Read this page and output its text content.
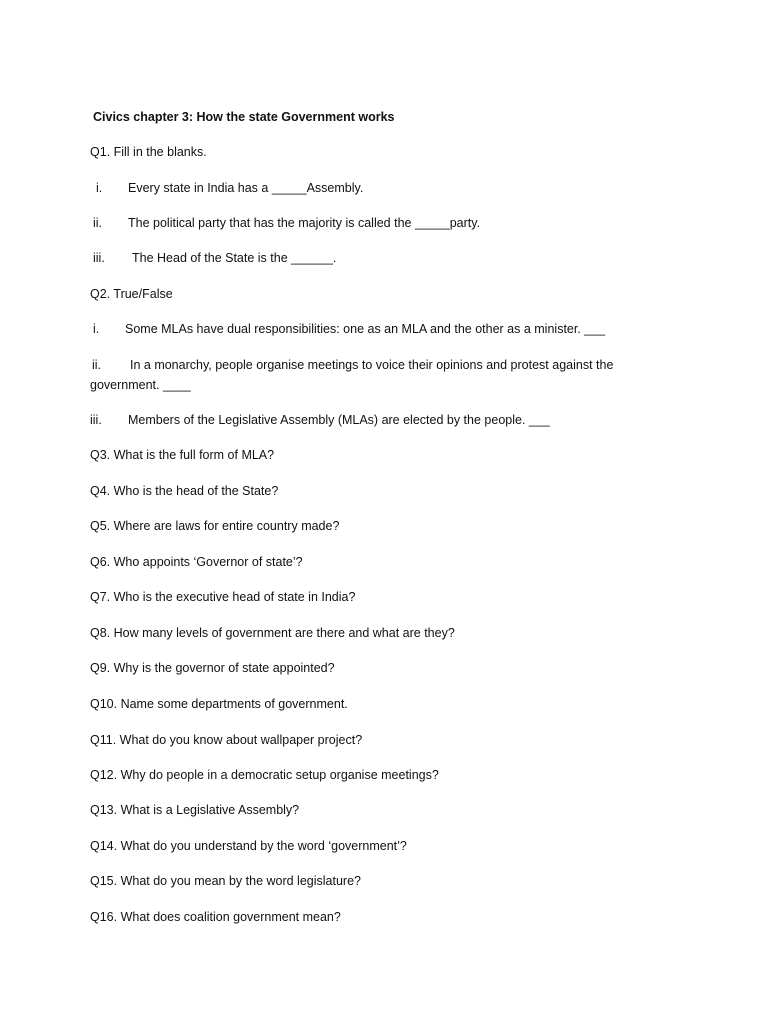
Civics chapter 3: How the state Government works
Q1. Fill in the blanks.
i. Every state in India has a _____Assembly.
ii. The political party that has the majority is called the _____party.
iii. The Head of the State is the ______.
Q2. True/False
i. Some MLAs have dual responsibilities: one as an MLA and the other as a minister. ___
ii. In a monarchy, people organise meetings to voice their opinions and protest against the government. ____
iii. Members of the Legislative Assembly (MLAs) are elected by the people. ___
Q3. What is the full form of MLA?
Q4. Who is the head of the State?
Q5. Where are laws for entire country made?
Q6. Who appoints ‘Governor of state’?
Q7. Who is the executive head of state in India?
Q8. How many levels of government are there and what are they?
Q9. Why is the governor of state appointed?
Q10. Name some departments of government.
Q11. What do you know about wallpaper project?
Q12. Why do people in a democratic setup organise meetings?
Q13. What is a Legislative Assembly?
Q14. What do you understand by the word ‘government’?
Q15. What do you mean by the word legislature?
Q16. What does coalition government mean?
